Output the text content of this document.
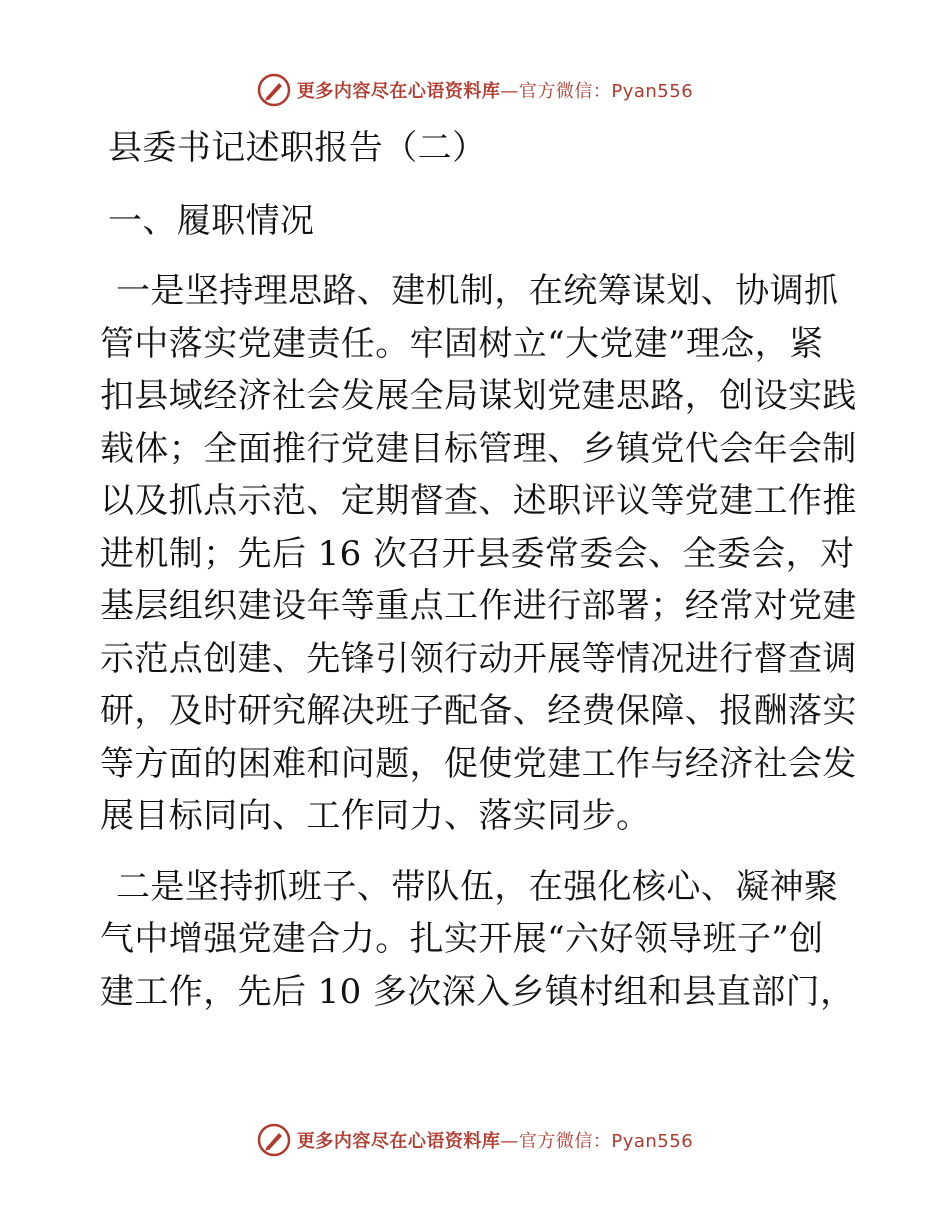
更多内容尽在心语资料库 —官方微信：Pyan556
县委书记述职报告（二）
一、履职情况
一是坚持理思路、建机制，在统筹谋划、协调抓
管中落实党建责任。牢固树立“大党建”理念，紧
扣县域经济社会发展全局谋划党建思路，创设实践
载体；全面推行党建目标管理、乡镇党代会年会制
以及抓点示范、定期督查、述职评议等党建工作推
进机制；先后 16 次召开县委常委会、全委会，对
基层组织建设年等重点工作进行部署；经常对党建
示范点创建、先锋引领行动开展等情况进行督查调
研，及时研究解决班子配备、经费保障、报酬落实
等方面的困难和问题，促使党建工作与经济社会发
展目标同向、工作同力、落实同步。
二是坚持抓班子、带队伍，在强化核心、凝神聚
气中增强党建合力。扎实开展“六好领导班子”创
建工作，先后 10 多次深入乡镇村组和县直部门，
更多内容尽在心语资料库 —官方微信：Pyan556
